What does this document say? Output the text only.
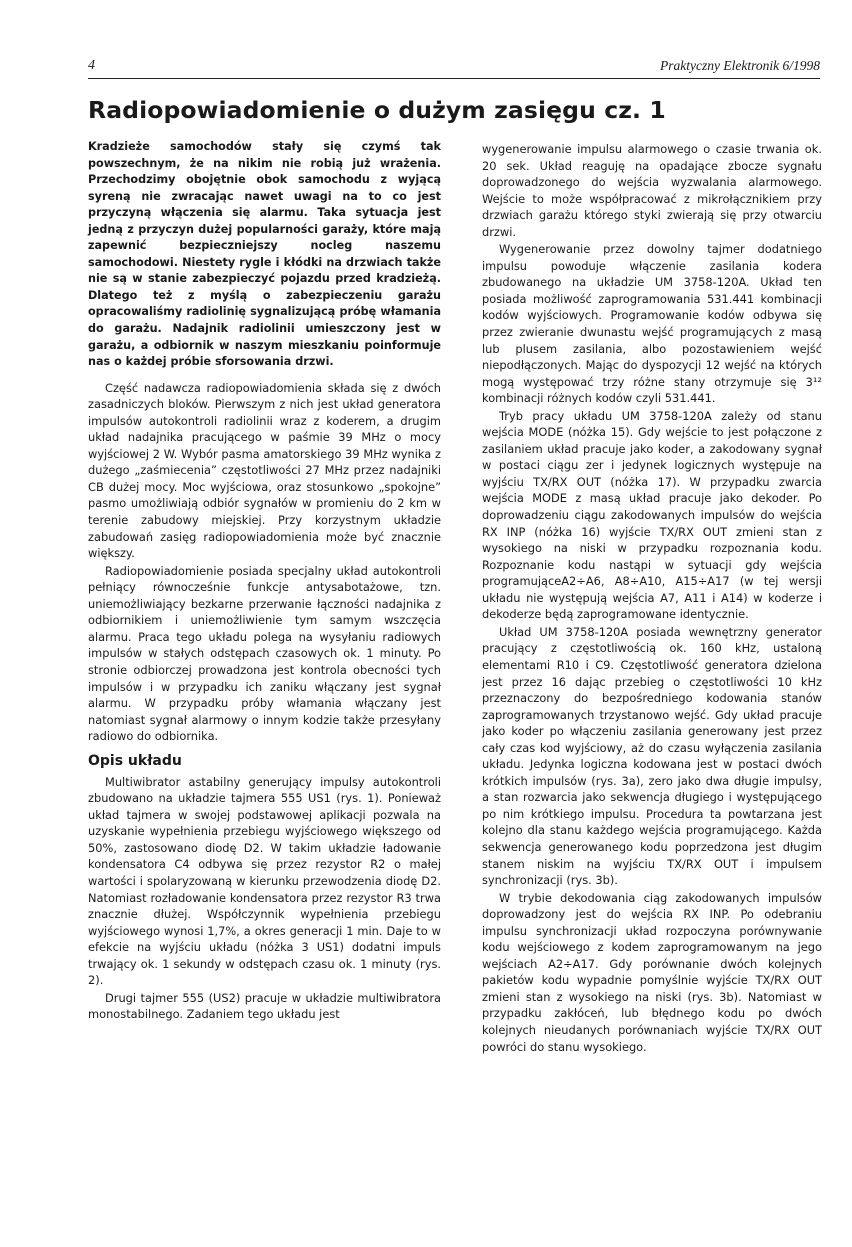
4	Praktyczny Elektronik 6/1998
Radiopowiadomienie o dużym zasięgu cz. 1

Kradzieże samochodów stały się czymś tak powszechnym, że na nikim nie robią już wrażenia. Przechodzimy obojętnie obok samochodu z wyjącą syreną nie zwracając nawet uwagi na to co jest przyczyną włączenia się alarmu. Taka sytuacja jest jedną z przyczyn dużej popularności garaży, które mają zapewnić bezpieczniejszy nocleg naszemu samochodowi. Niestety rygle i kłódki na drzwiach także nie są w stanie zabezpieczyć pojazdu przed kradzieżą. Dlatego też z myślą o zabezpieczeniu garażu opracowaliśmy radiolinię sygnalizującą próbę włamania do garażu. Nadajnik radiolinii umieszczony jest w garażu, a odbiornik w naszym mieszkaniu poinformuje nas o każdej próbie sforsowania drzwi.

Część nadawcza radiopowiadomienia składa się z dwóch zasadniczych bloków. Pierwszym z nich jest układ generatora impulsów autokontroli radiolinii wraz z koderem, a drugim układ nadajnika pracującego w paśmie 39 MHz o mocy wyjściowej 2 W. Wybór pasma amatorskiego 39 MHz wynika z dużego „zaśmiecenia” częstotliwości 27 MHz przez nadajniki CB dużej mocy. Moc wyjściowa, oraz stosunkowo „spokojne” pasmo umożliwiają odbiór sygnałów w promieniu do 2 km w terenie zabudowy miejskiej. Przy korzystnym układzie zabudowań zasięg radiopowiadomienia może być znacznie większy.

Radiopowiadomienie posiada specjalny układ autokontroli pełniący równocześnie funkcje antysabotażowe, tzn. uniemożliwiający bezkarne przerwanie łączności nadajnika z odbiornikiem i uniemożliwienie tym samym wszczęcia alarmu. Praca tego układu polega na wysyłaniu radiowych impulsów w stałych odstępach czasowych ok. 1 minuty. Po stronie odbiorczej prowadzona jest kontrola obecności tych impulsów i w przypadku ich zaniku włączany jest sygnał alarmu. W przypadku próby włamania włączany jest natomiast sygnał alarmowy o innym kodzie także przesyłany radiowo do odbiornika.

Opis układu

Multiwibrator astabilny generujący impulsy autokontroli zbudowano na układzie tajmera 555 US1 (rys. 1). Ponieważ układ tajmera w swojej podstawowej aplikacji pozwala na uzyskanie wypełnienia przebiegu wyjściowego większego od 50%, zastosowano diodę D2. W takim układzie ładowanie kondensatora C4 odbywa się przez rezystor R2 o małej wartości i spolaryzowaną w kierunku przewodzenia diodę D2. Natomiast rozładowanie kondensatora przez rezystor R3 trwa znacznie dłużej. Współczynnik wypełnienia przebiegu wyjściowego wynosi 1,7%, a okres generacji 1 min. Daje to w efekcie na wyjściu układu (nóżka 3 US1) dodatni impuls trwający ok. 1 sekundy w odstępach czasu ok. 1 minuty (rys. 2).

Drugi tajmer 555 (US2) pracuje w układzie multiwibratora monostabilnego. Zadaniem tego układu jest

wygenerowanie impulsu alarmowego o czasie trwania ok. 20 sek. Układ reaguję na opadające zbocze sygnału doprowadzonego do wejścia wyzwalania alarmowego. Wejście to może współpracować z mikrołącznikiem przy drzwiach garażu którego styki zwierają się przy otwarciu drzwi.

Wygenerowanie przez dowolny tajmer dodatniego impulsu powoduje włączenie zasilania kodera zbudowanego na układzie UM 3758-120A. Układ ten posiada możliwość zaprogramowania 531.441 kombinacji kodów wyjściowych. Programowanie kodów odbywa się przez zwieranie dwunastu wejść programujących z masą lub plusem zasilania, albo pozostawieniem wejść niepodłączonych. Mając do dyspozycji 12 wejść na których mogą występować trzy różne stany otrzymuje się 3¹² kombinacji różnych kodów czyli 531.441.

Tryb pracy układu UM 3758-120A zależy od stanu wejścia MODE (nóżka 15). Gdy wejście to jest połączone z zasilaniem układ pracuje jako koder, a zakodowany sygnał w postaci ciągu zer i jedynek logicznych występuje na wyjściu TX/RX OUT (nóżka 17). W przypadku zwarcia wejścia MODE z masą układ pracuje jako dekoder. Po doprowadzeniu ciągu zakodowanych impulsów do wejścia RX INP (nóżka 16) wyjście TX/RX OUT zmieni stan z wysokiego na niski w przypadku rozpoznania kodu. Rozpoznanie kodu nastąpi w sytuacji gdy wejścia programująceA2÷A6, A8÷A10, A15÷A17 (w tej wersji układu nie występują wejścia A7, A11 i A14) w koderze i dekoderze będą zaprogramowane identycznie.

Układ UM 3758-120A posiada wewnętrzny generator pracujący z częstotliwością ok. 160 kHz, ustaloną elementami R10 i C9. Częstotliwość generatora dzielona jest przez 16 dając przebieg o częstotliwości 10 kHz przeznaczony do bezpośredniego kodowania stanów zaprogramowanych trzystanowo wejść. Gdy układ pracuje jako koder po włączeniu zasilania generowany jest przez cały czas kod wyjściowy, aż do czasu wyłączenia zasilania układu. Jedynka logiczna kodowana jest w postaci dwóch krótkich impulsów (rys. 3a), zero jako dwa długie impulsy, a stan rozwarcia jako sekwencja długiego i występującego po nim krótkiego impulsu. Procedura ta powtarzana jest kolejno dla stanu każdego wejścia programującego. Każda sekwencja generowanego kodu poprzedzona jest długim stanem niskim na wyjściu TX/RX OUT i impulsem synchronizacji (rys. 3b).

W trybie dekodowania ciąg zakodowanych impulsów doprowadzony jest do wejścia RX INP. Po odebraniu impulsu synchronizacji układ rozpoczyna porównywanie kodu wejściowego z kodem zaprogramowanym na jego wejściach A2÷A17. Gdy porównanie dwóch kolejnych pakietów kodu wypadnie pomyślnie wyjście TX/RX OUT zmieni stan z wysokiego na niski (rys. 3b). Natomiast w przypadku zakłóceń, lub błędnego kodu po dwóch kolejnych nieudanych porównaniach wyjście TX/RX OUT powróci do stanu wysokiego.
